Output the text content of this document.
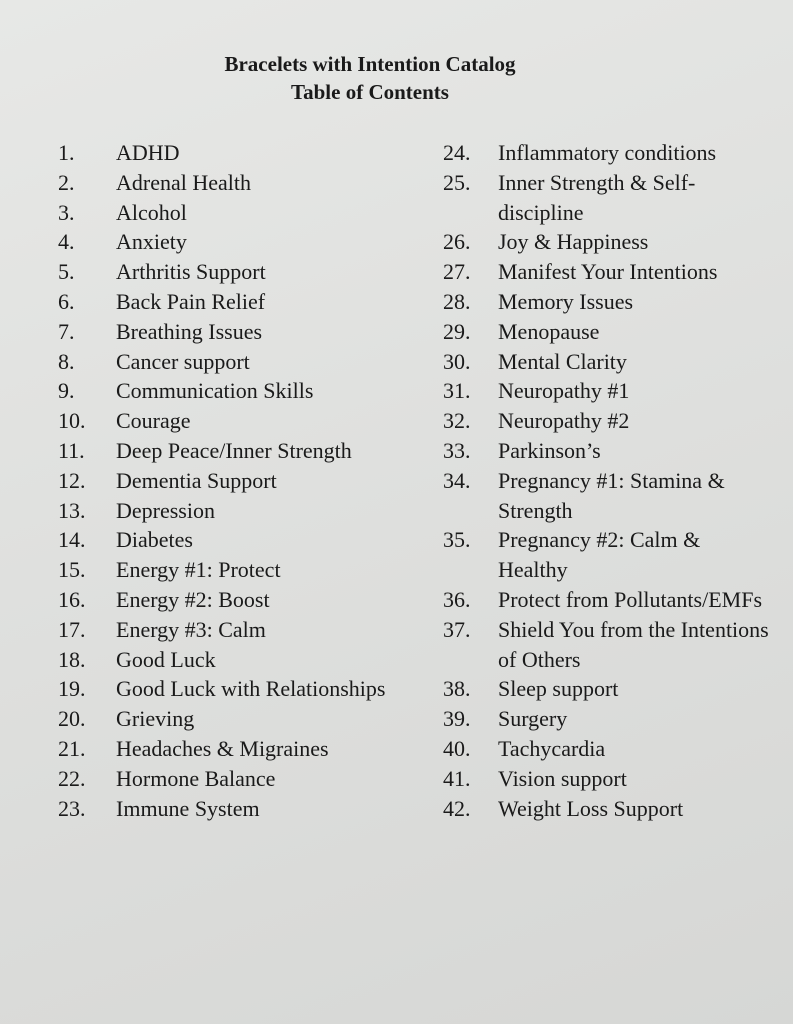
Bracelets with Intention Catalog
Table of Contents
1.	ADHD
2.	Adrenal Health
3.	Alcohol
4.	Anxiety
5.	Arthritis Support
6.	Back Pain Relief
7.	Breathing Issues
8.	Cancer support
9.	Communication Skills
10.	Courage
11.	Deep Peace/Inner Strength
12.	Dementia Support
13.	Depression
14.	Diabetes
15.	Energy #1: Protect
16.	Energy #2: Boost
17.	Energy #3: Calm
18.	Good Luck
19.	Good Luck with Relationships
20.	Grieving
21.	Headaches & Migraines
22.	Hormone Balance
23.	Immune System
24.	Inflammatory conditions
25.	Inner Strength & Self-discipline
26.	Joy & Happiness
27.	Manifest Your Intentions
28.	Memory Issues
29.	Menopause
30.	Mental Clarity
31.	Neuropathy #1
32.	Neuropathy #2
33.	Parkinson’s
34.	Pregnancy #1: Stamina & Strength
35.	Pregnancy #2: Calm & Healthy
36.	Protect from Pollutants/EMFs
37.	Shield You from the Intentions of Others
38.	Sleep support
39.	Surgery
40.	Tachycardia
41.	Vision support
42.	Weight Loss Support
